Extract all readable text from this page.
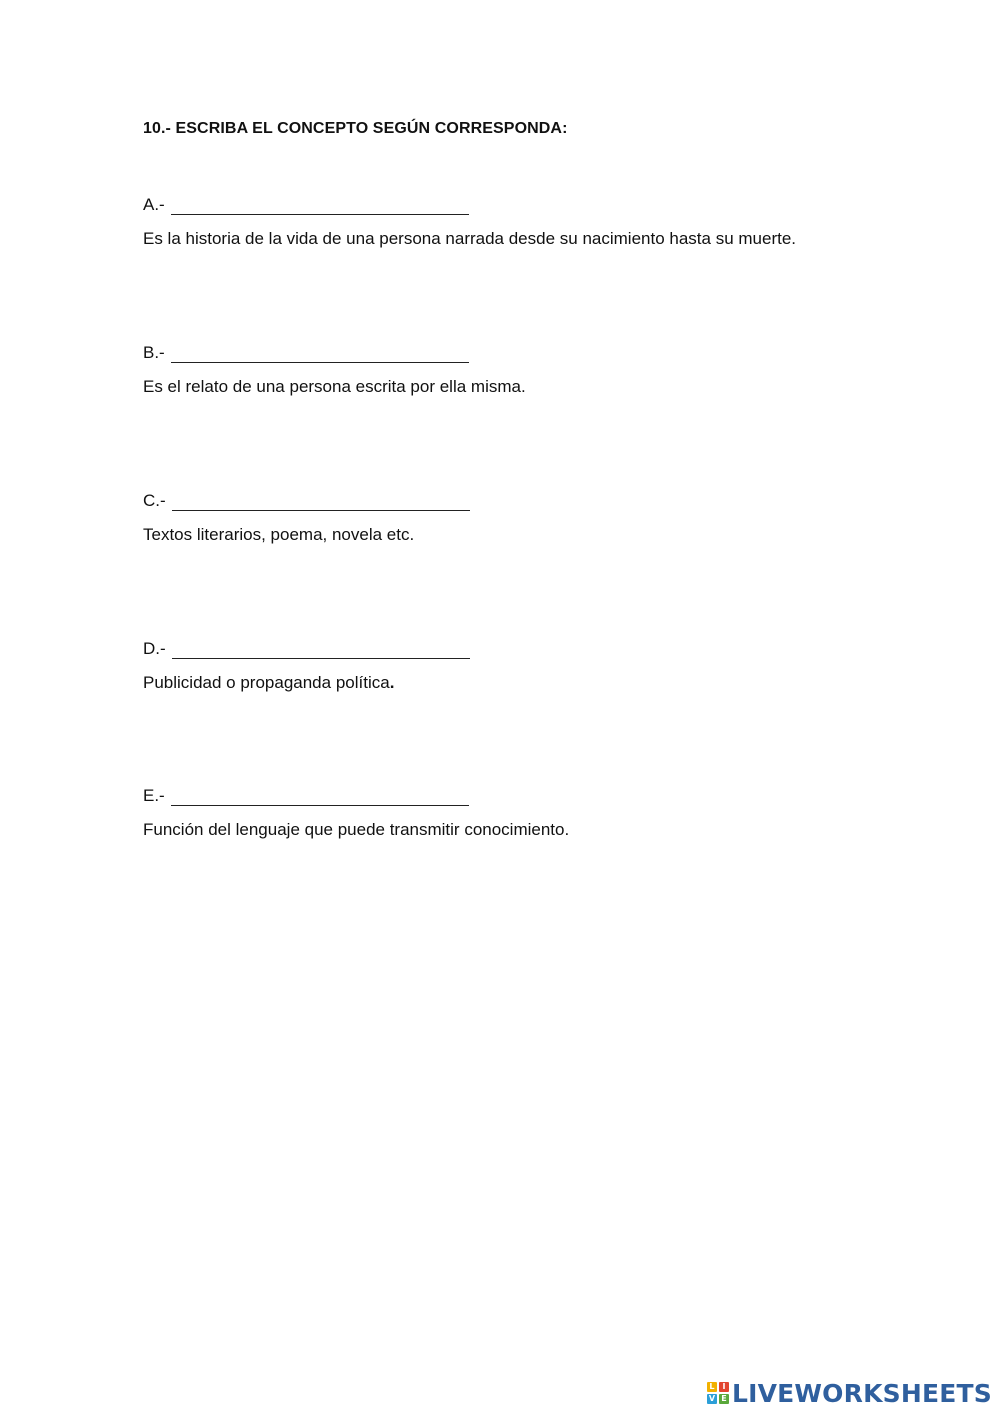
10.- ESCRIBA EL CONCEPTO SEGÚN CORRESPONDA:
A.-
Es la historia de la vida de una persona narrada desde su nacimiento hasta su muerte.
B.-
Es el relato de una persona escrita por ella misma.
C.-
Textos literarios, poema, novela etc.
D.-
Publicidad o propaganda política.
E.-
Función del lenguaje que puede transmitir conocimiento.
L I
V E LIVEWORKSHEETS
